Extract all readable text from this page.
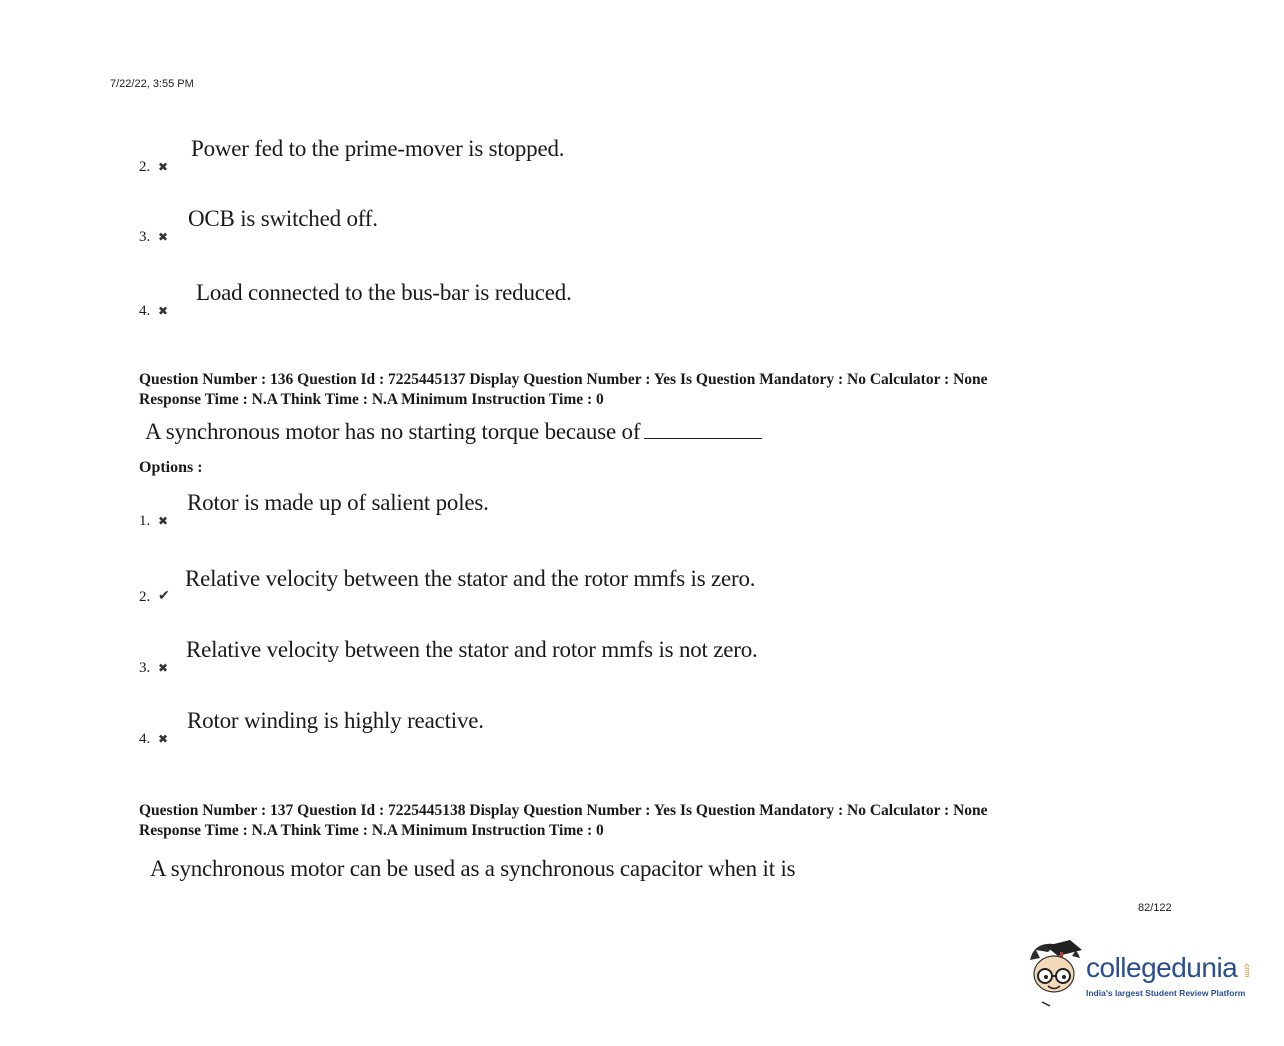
7/22/22, 3:55 PM
2. ✖
Power fed to the prime-mover is stopped.
3. ✖
OCB is switched off.
4. ✖
Load connected to the bus-bar is reduced.
Question Number : 136 Question Id : 7225445137 Display Question Number : Yes Is Question Mandatory : No Calculator : None
Response Time : N.A Think Time : N.A Minimum Instruction Time : 0
A synchronous motor has no starting torque because of
Options :
1. ✖
Rotor is made up of salient poles.
2. ✔
Relative velocity between the stator and the rotor mmfs is zero.
3. ✖
Relative velocity between the stator and rotor mmfs is not zero.
4. ✖
Rotor winding is highly reactive.
Question Number : 137 Question Id : 7225445138 Display Question Number : Yes Is Question Mandatory : No Calculator : None
Response Time : N.A Think Time : N.A Minimum Instruction Time : 0
A synchronous motor can be used as a synchronous capacitor when it is
82/122
collegedunia .com
India's largest Student Review Platform
